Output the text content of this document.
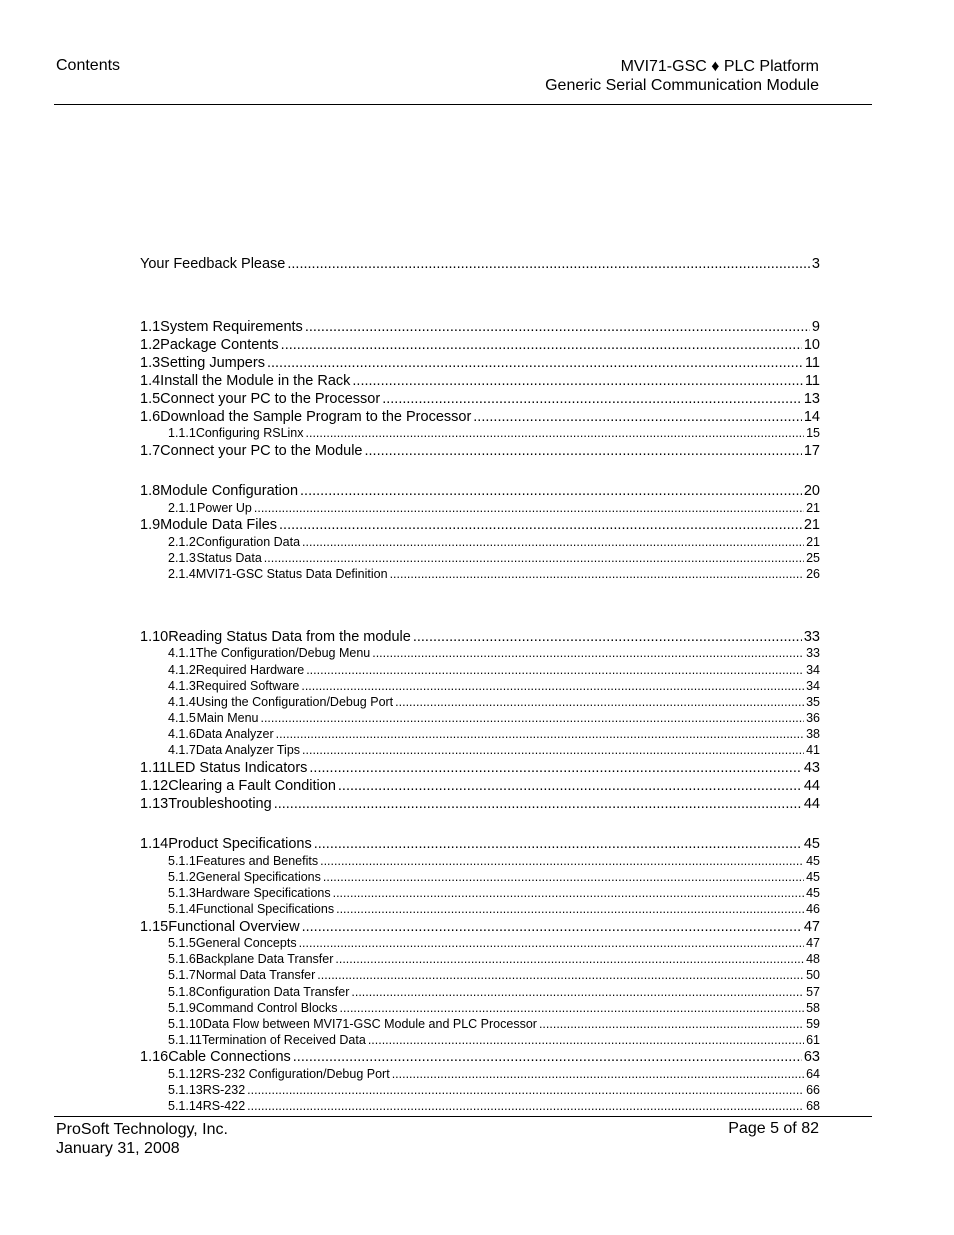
Contents	MVI71-GSC ♦ PLC Platform
Generic Serial Communication Module
Your Feedback Please .....	3
1.1 System Requirements .....	9
1.2 Package Contents .....	10
1.3 Setting Jumpers .....	11
1.4 Install the Module in the Rack .....	11
1.5 Connect your PC to the Processor .....	13
1.6 Download the Sample Program to the Processor .....	14
1.1.1 Configuring RSLinx .....	15
1.7 Connect your PC to the Module .....	17
1.8 Module Configuration .....	20
2.1.1 Power Up .....	21
1.9 Module Data Files .....	21
2.1.2 Configuration Data .....	21
2.1.3 Status Data .....	25
2.1.4 MVI71-GSC Status Data Definition .....	26
1.10 Reading Status Data from the module .....	33
4.1.1 The Configuration/Debug Menu .....	33
4.1.2 Required Hardware .....	34
4.1.3 Required Software .....	34
4.1.4 Using the Configuration/Debug Port .....	35
4.1.5 Main Menu .....	36
4.1.6 Data Analyzer .....	38
4.1.7 Data Analyzer Tips .....	41
1.11 LED Status Indicators .....	43
1.12 Clearing a Fault Condition .....	44
1.13 Troubleshooting .....	44
1.14 Product Specifications .....	45
5.1.1 Features and Benefits .....	45
5.1.2 General Specifications .....	45
5.1.3 Hardware Specifications .....	45
5.1.4 Functional Specifications .....	46
1.15 Functional Overview .....	47
5.1.5 General Concepts .....	47
5.1.6 Backplane Data Transfer .....	48
5.1.7 Normal Data Transfer .....	50
5.1.8 Configuration Data Transfer .....	57
5.1.9 Command Control Blocks .....	58
5.1.10 Data Flow between MVI71-GSC Module and PLC Processor .....	59
5.1.11 Termination of Received Data .....	61
1.16 Cable Connections .....	63
5.1.12 RS-232 Configuration/Debug Port .....	64
5.1.13 RS-232 .....	66
5.1.14 RS-422 .....	68
ProSoft Technology, Inc.
January 31, 2008
Page 5 of 82
